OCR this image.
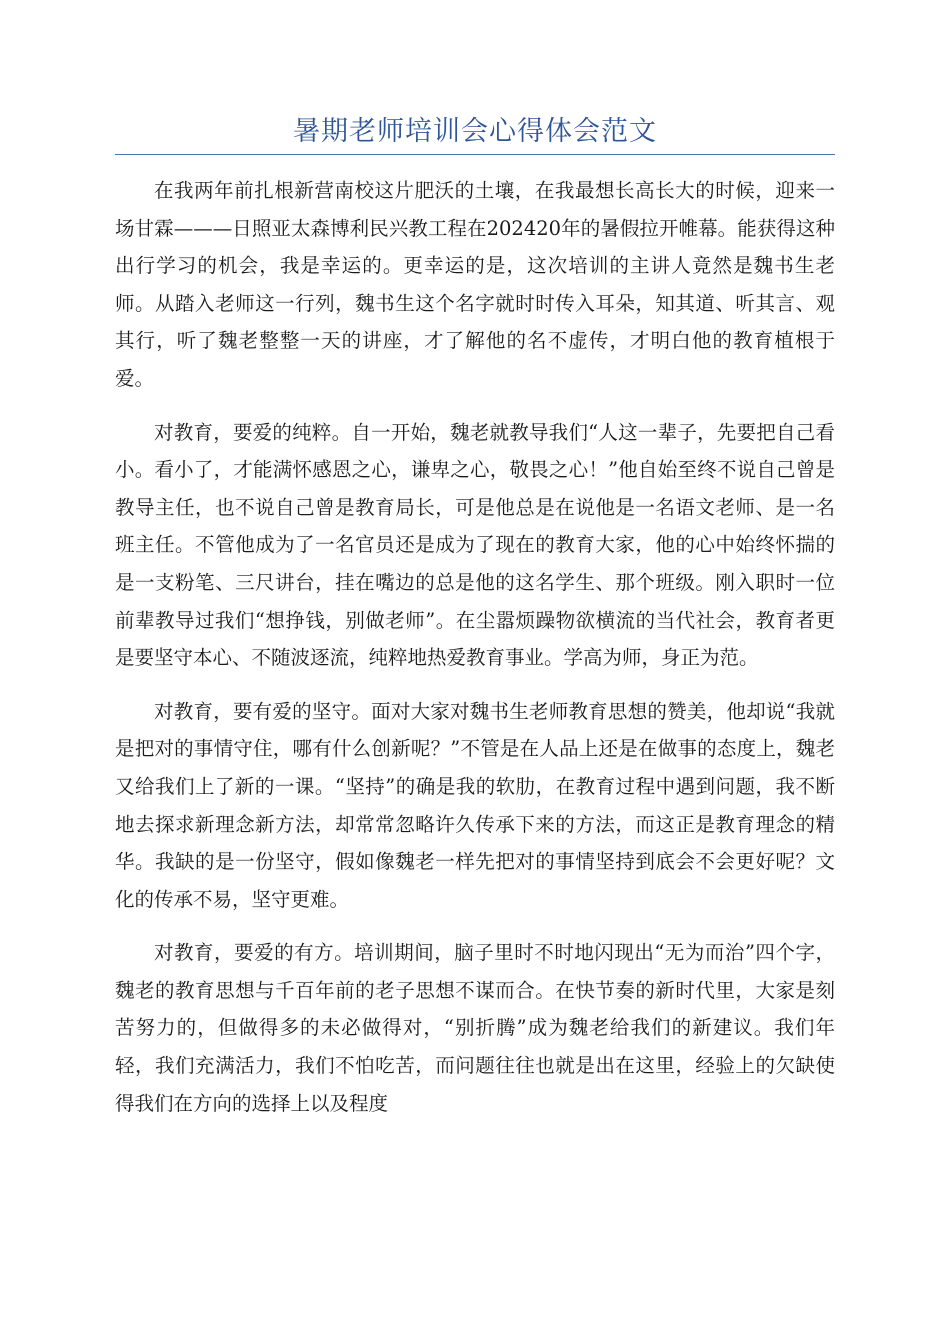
暑期老师培训会心得体会范文

在我两年前扎根新营南校这片肥沃的土壤，在我最想长高长大的时候，迎来一场甘霖———日照亚太森博利民兴教工程在202420年的暑假拉开帷幕。能获得这种出行学习的机会，我是幸运的。更幸运的是，这次培训的主讲人竟然是魏书生老师。从踏入老师这一行列，魏书生这个名字就时时传入耳朵，知其道、听其言、观其行，听了魏老整整一天的讲座，才了解他的名不虚传，才明白他的教育植根于爱。

对教育，要爱的纯粹。自一开始，魏老就教导我们“人这一辈子，先要把自己看小。看小了，才能满怀感恩之心，谦卑之心，敬畏之心！”他自始至终不说自己曾是教导主任，也不说自己曾是教育局长，可是他总是在说他是一名语文老师、是一名班主任。不管他成为了一名官员还是成为了现在的教育大家，他的心中始终怀揣的是一支粉笔、三尺讲台，挂在嘴边的总是他的这名学生、那个班级。刚入职时一位前辈教导过我们“想挣钱，别做老师”。在尘嚣烦躁物欲横流的当代社会，教育者更是要坚守本心、不随波逐流，纯粹地热爱教育事业。学高为师，身正为范。

对教育，要有爱的坚守。面对大家对魏书生老师教育思想的赞美，他却说“我就是把对的事情守住，哪有什么创新呢？”不管是在人品上还是在做事的态度上，魏老又给我们上了新的一课。“坚持”的确是我的软肋，在教育过程中遇到问题，我不断地去探求新理念新方法，却常常忽略许久传承下来的方法，而这正是教育理念的精华。我缺的是一份坚守，假如像魏老一样先把对的事情坚持到底会不会更好呢？文化的传承不易，坚守更难。

对教育，要爱的有方。培训期间，脑子里时不时地闪现出“无为而治”四个字，魏老的教育思想与千百年前的老子思想不谋而合。在快节奏的新时代里，大家是刻苦努力的，但做得多的未必做得对，“别折腾”成为魏老给我们的新建议。我们年轻，我们充满活力，我们不怕吃苦，而问题往往也就是出在这里，经验上的欠缺使得我们在方向的选择上以及程度
